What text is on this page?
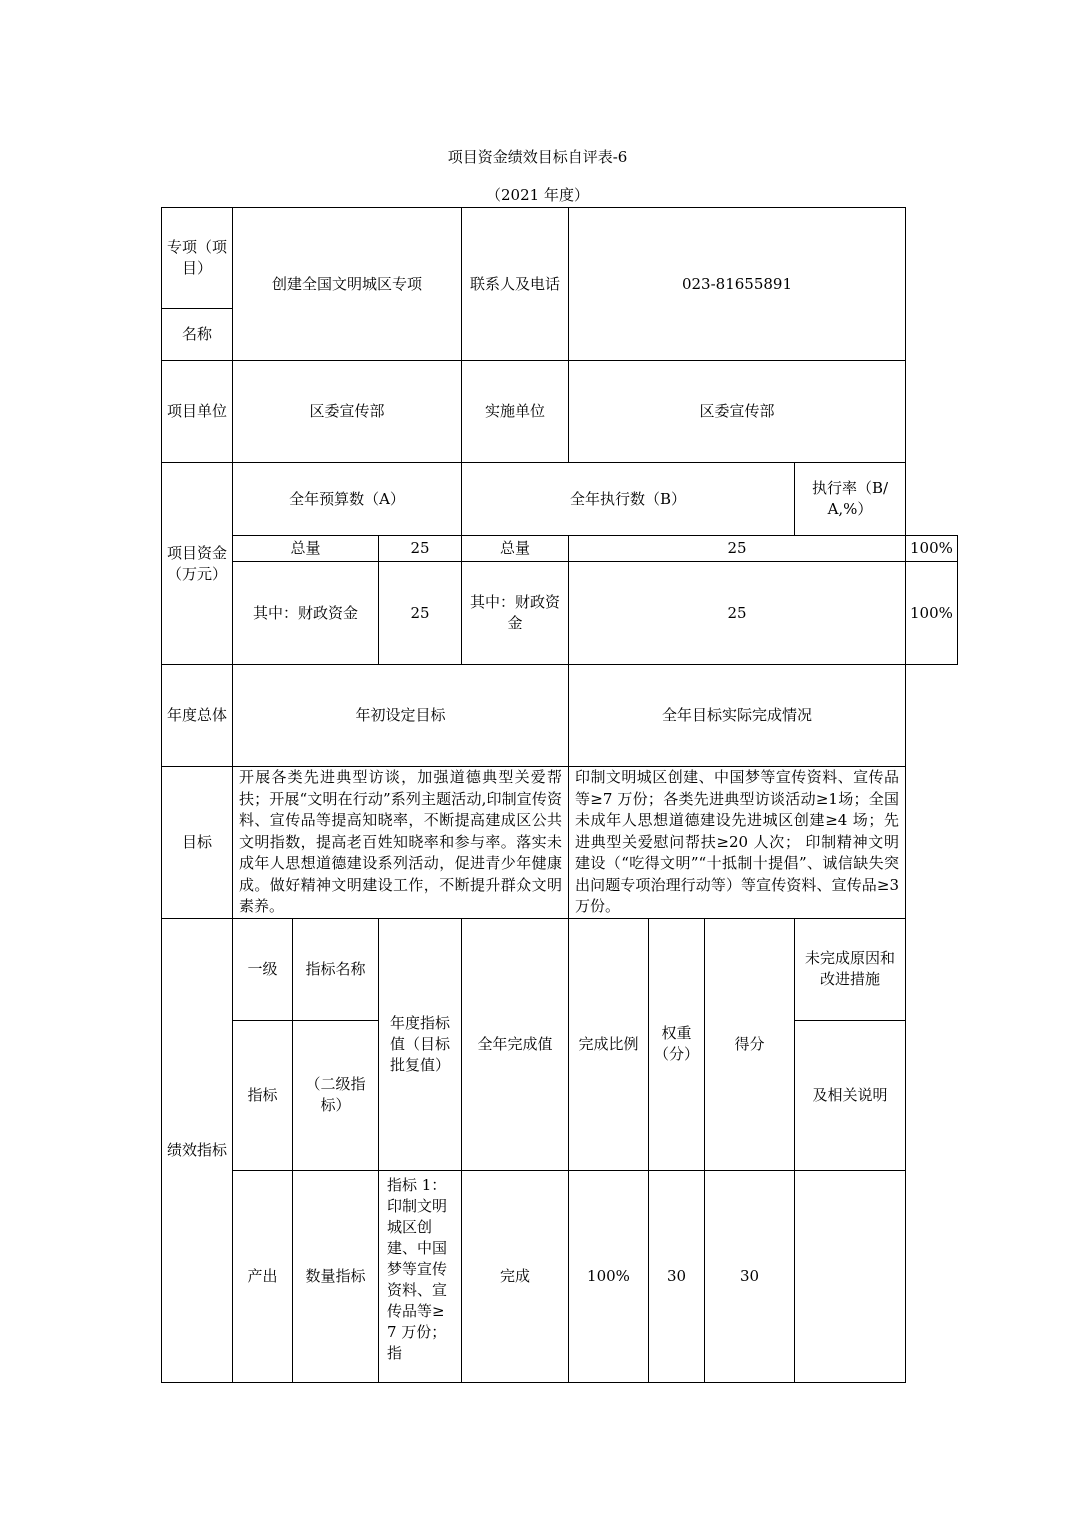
项目资金绩效目标自评表-6
（2021 年度）
专项（项目）	创建全国文明城区专项			联系人及电话	023-81655891				
名称									
项目单位	区委宣传部			实施单位	区委宣传部				
项目资金（万元）	全年预算数（A）			全年执行数（B）				执行率（B/A,%）	
	总量		25	总量	25				100%
	其中：财政资金		25	其中：财政资金	25				100%
年度总体	年初设定目标				全年目标实际完成情况				
目标	开展各类先进典型访谈，加强道德典型关爱帮扶；开展“文明在行动”系列主题活动,印制宣传资料、宣传品等提高知晓率，不断提高建成区公共文明指数，提高老百姓知晓率和参与率。落实未成年人思想道德建设系列活动，促进青少年健康成。做好精神文明建设工作，不断提升群众文明素养。				印制文明城区创建、中国梦等宣传资料、宣传品等≥7 万份；各类先进典型访谈活动≥1场；全国未成年人思想道德建设先进城区创建≥4 场；先进典型关爱慰问帮扶≥20 人次； 印制精神文明建设（“吃得文明”“十抵制十提倡”、诚信缺失突出问题专项治理行动等）等宣传资料、宣传品≥3 万份。				
绩效指标	一级	指标名称	年度指标值（目标批复值）	全年完成值	完成比例	权重（分）	得分	未完成原因和改进措施	
	指标	（二级指标）						及相关说明	
	产出	数量指标	指标 1：印制文明城区创建、中国梦等宣传资料、宣传品等≥7 万份；指	完成	100%	30	30		
